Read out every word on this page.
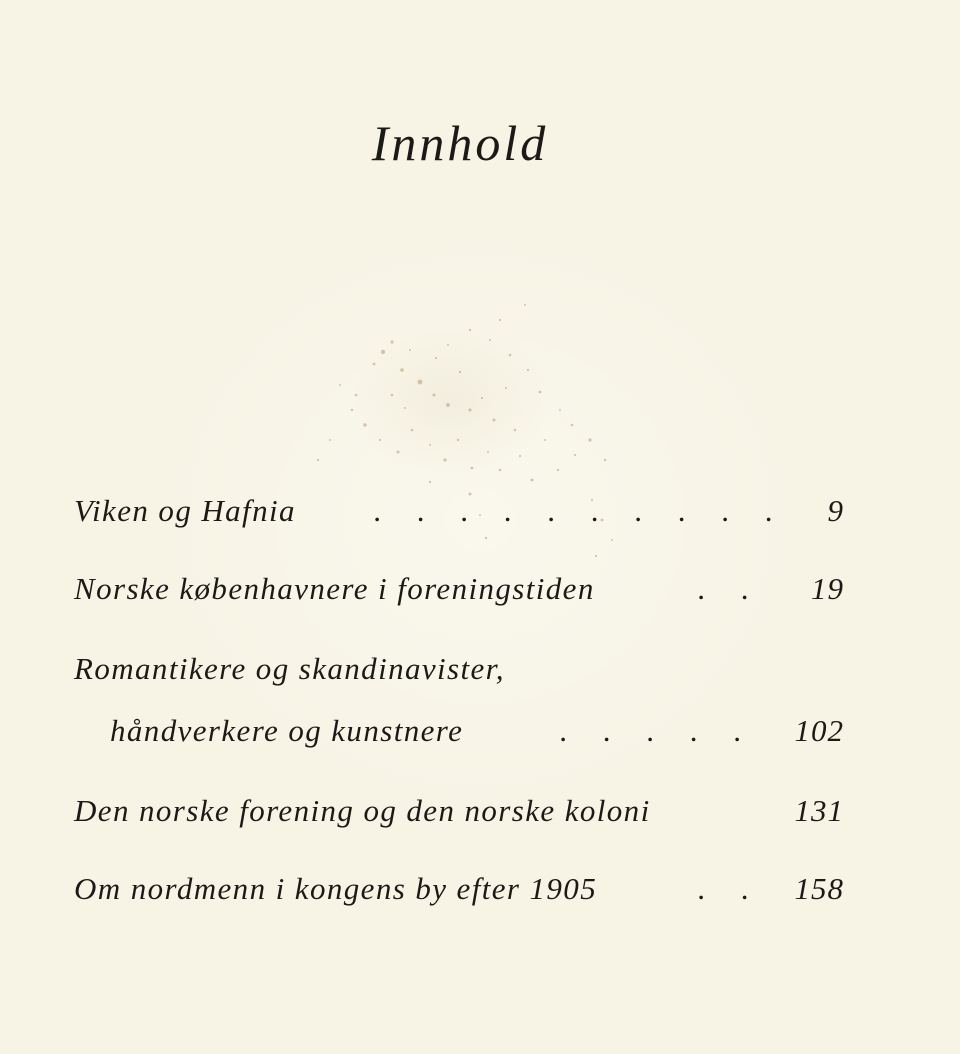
Innhold
Viken og Hafnia	. . . . . . . . . . 9
Norske københavnere i foreningstiden	. . 19
Romantikere og skandinavister,
håndverkere og kunstnere	. . . . . 102
Den norske forening og den norske koloni	131
Om nordmenn i kongens by efter 1905	. . 158
